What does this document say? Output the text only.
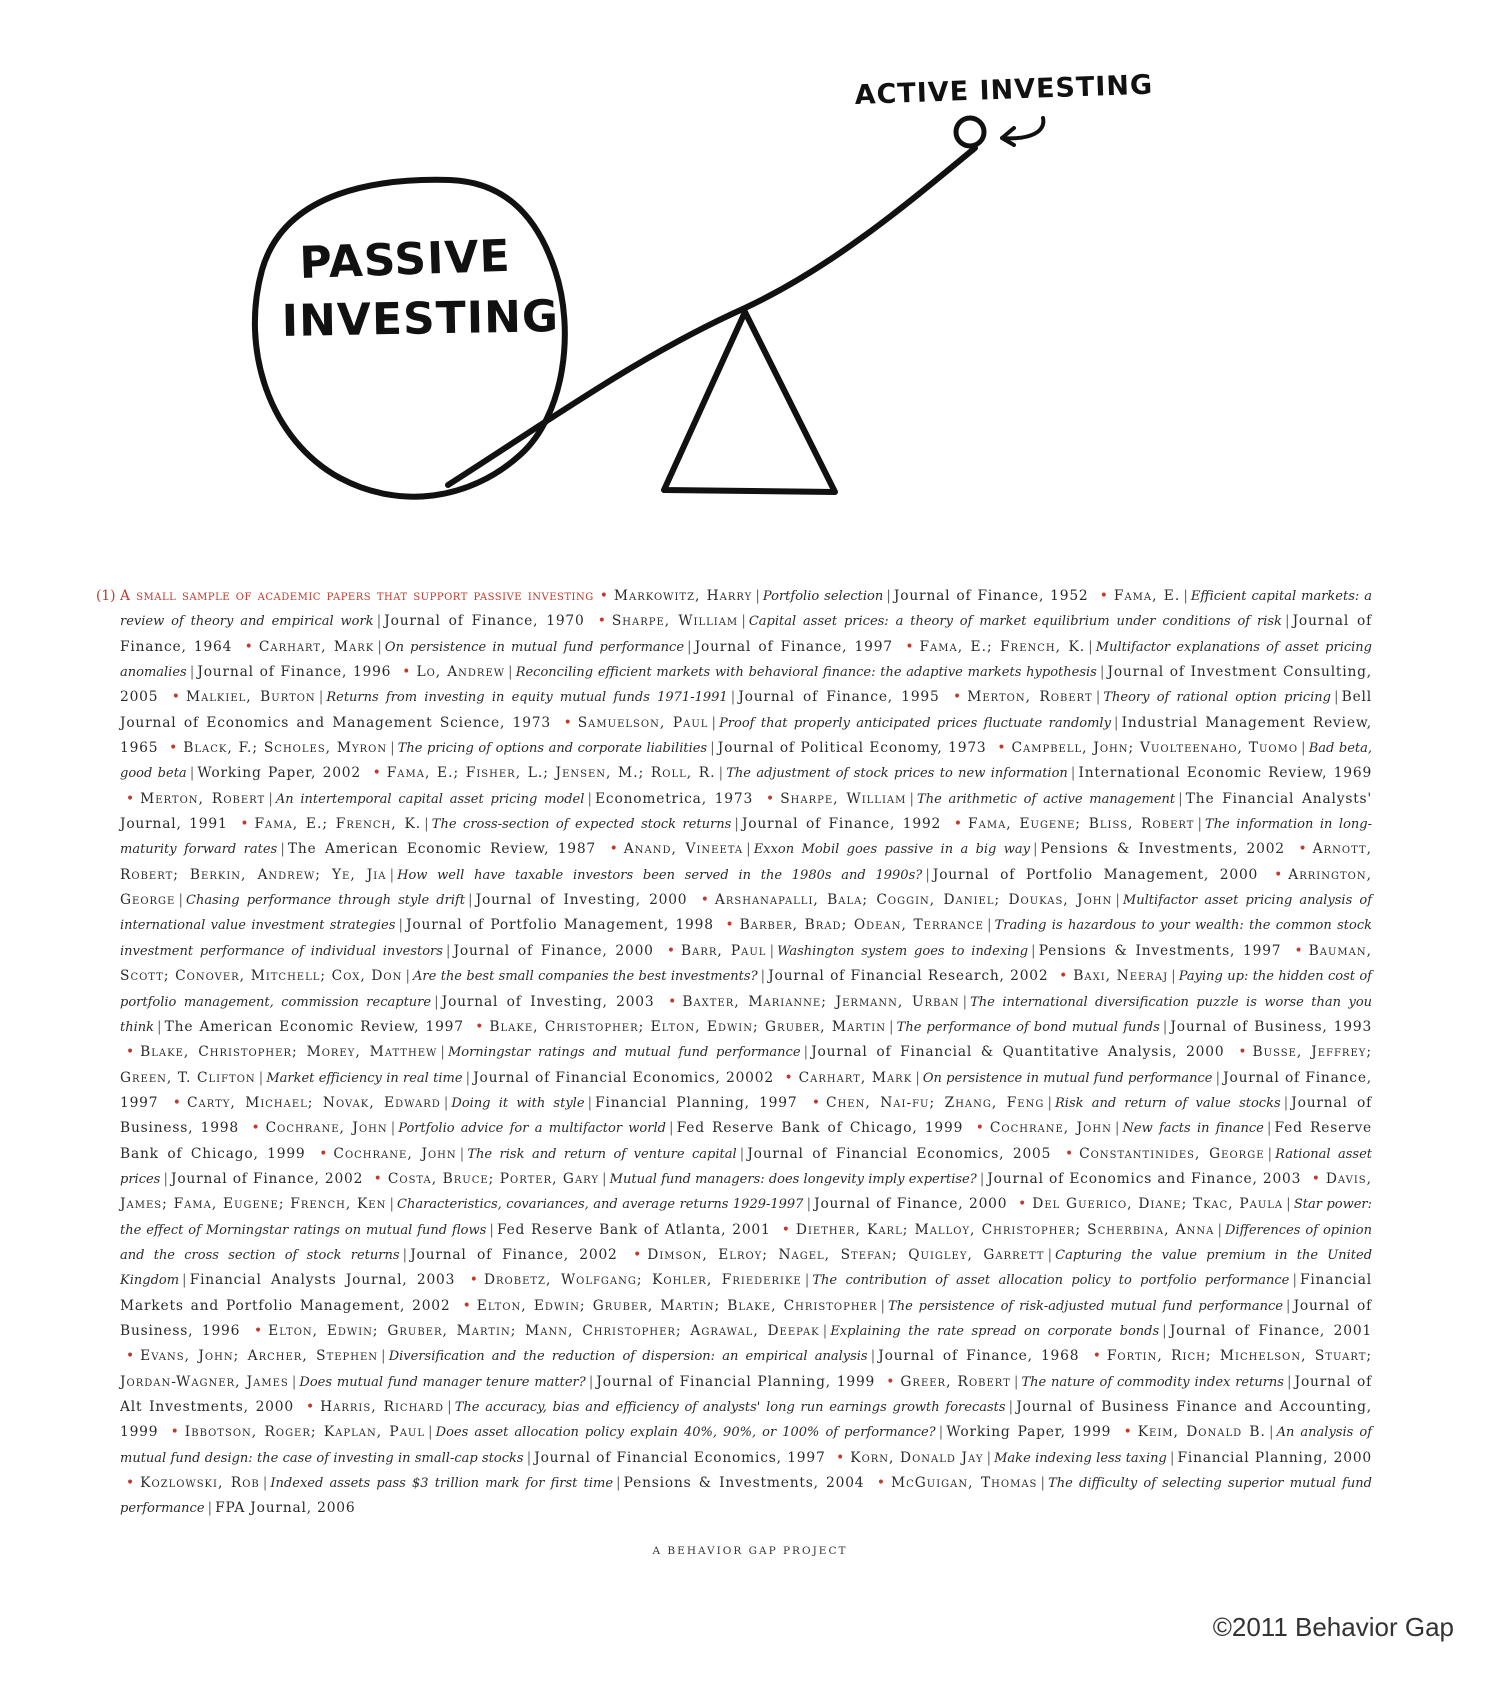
PASSIVE
INVESTING
ACTIVE INVESTING
(1) A small sample of academic papers that support passive investing • Markowitz, Harry | Portfolio selection | Journal of Finance, 1952 • Fama, E. | Efficient capital markets: a review of theory and empirical work | Journal of Finance, 1970 • Sharpe, William | Capital asset prices: a theory of market equilibrium under conditions of risk | Journal of Finance, 1964 • Carhart, Mark | On persistence in mutual fund performance | Journal of Finance, 1997 • Fama, E.; French, K. | Multifactor explanations of asset pricing anomalies | Journal of Finance, 1996 • Lo, Andrew | Reconciling efficient markets with behavioral finance: the adaptive markets hypothesis | Journal of Investment Consulting, 2005 • Malkiel, Burton | Returns from investing in equity mutual funds 1971-1991 | Journal of Finance, 1995 • Merton, Robert | Theory of rational option pricing | Bell Journal of Economics and Management Science, 1973 • Samuelson, Paul | Proof that properly anticipated prices fluctuate randomly | Industrial Management Review, 1965 • Black, F.; Scholes, Myron | The pricing of options and corporate liabilities | Journal of Political Economy, 1973 • Campbell, John; Vuolteenaho, Tuomo | Bad beta, good beta | Working Paper, 2002 • Fama, E.; Fisher, L.; Jensen, M.; Roll, R. | The adjustment of stock prices to new information | International Economic Review, 1969 • Merton, Robert | An intertemporal capital asset pricing model | Econometrica, 1973 • Sharpe, William | The arithmetic of active management | The Financial Analysts' Journal, 1991 • Fama, E.; French, K. | The cross-section of expected stock returns | Journal of Finance, 1992 • Fama, Eugene; Bliss, Robert | The information in long-maturity forward rates | The American Economic Review, 1987 • Anand, Vineeta | Exxon Mobil goes passive in a big way | Pensions & Investments, 2002 • Arnott, Robert; Berkin, Andrew; Ye, Jia | How well have taxable investors been served in the 1980s and 1990s? | Journal of Portfolio Management, 2000 • Arrington, George | Chasing performance through style drift | Journal of Investing, 2000 • Arshanapalli, Bala; Coggin, Daniel; Doukas, John | Multifactor asset pricing analysis of international value investment strategies | Journal of Portfolio Management, 1998 • Barber, Brad; Odean, Terrance | Trading is hazardous to your wealth: the common stock investment performance of individual investors | Journal of Finance, 2000 • Barr, Paul | Washington system goes to indexing | Pensions & Investments, 1997 • Bauman, Scott; Conover, Mitchell; Cox, Don | Are the best small companies the best investments? | Journal of Financial Research, 2002 • Baxi, Neeraj | Paying up: the hidden cost of portfolio management, commission recapture | Journal of Investing, 2003 • Baxter, Marianne; Jermann, Urban | The international diversification puzzle is worse than you think | The American Economic Review, 1997 • Blake, Christopher; Elton, Edwin; Gruber, Martin | The performance of bond mutual funds | Journal of Business, 1993 • Blake, Christopher; Morey, Matthew | Morningstar ratings and mutual fund performance | Journal of Financial & Quantitative Analysis, 2000 • Busse, Jeffrey; Green, T. Clifton | Market efficiency in real time | Journal of Financial Economics, 20002 • Carhart, Mark | On persistence in mutual fund performance | Journal of Finance, 1997 • Carty, Michael; Novak, Edward | Doing it with style | Financial Planning, 1997 • Chen, Nai-fu; Zhang, Feng | Risk and return of value stocks | Journal of Business, 1998 • Cochrane, John | Portfolio advice for a multifactor world | Fed Reserve Bank of Chicago, 1999 • Cochrane, John | New facts in finance | Fed Reserve Bank of Chicago, 1999 • Cochrane, John | The risk and return of venture capital | Journal of Financial Economics, 2005 • Constantinides, George | Rational asset prices | Journal of Finance, 2002 • Costa, Bruce; Porter, Gary | Mutual fund managers: does longevity imply expertise? | Journal of Economics and Finance, 2003 • Davis, James; Fama, Eugene; French, Ken | Characteristics, covariances, and average returns 1929-1997 | Journal of Finance, 2000 • Del Guerico, Diane; Tkac, Paula | Star power: the effect of Morningstar ratings on mutual fund flows | Fed Reserve Bank of Atlanta, 2001 • Diether, Karl; Malloy, Christopher; Scherbina, Anna | Differences of opinion and the cross section of stock returns | Journal of Finance, 2002 • Dimson, Elroy; Nagel, Stefan; Quigley, Garrett | Capturing the value premium in the United Kingdom | Financial Analysts Journal, 2003 • Drobetz, Wolfgang; Kohler, Friederike | The contribution of asset allocation policy to portfolio performance | Financial Markets and Portfolio Management, 2002 • Elton, Edwin; Gruber, Martin; Blake, Christopher | The persistence of risk-adjusted mutual fund performance | Journal of Business, 1996 • Elton, Edwin; Gruber, Martin; Mann, Christopher; Agrawal, Deepak | Explaining the rate spread on corporate bonds | Journal of Finance, 2001 • Evans, John; Archer, Stephen | Diversification and the reduction of dispersion: an empirical analysis | Journal of Finance, 1968 • Fortin, Rich; Michelson, Stuart; Jordan-Wagner, James | Does mutual fund manager tenure matter? | Journal of Financial Planning, 1999 • Greer, Robert | The nature of commodity index returns | Journal of Alt Investments, 2000 • Harris, Richard | The accuracy, bias and efficiency of analysts' long run earnings growth forecasts | Journal of Business Finance and Accounting, 1999 • Ibbotson, Roger; Kaplan, Paul | Does asset allocation policy explain 40%, 90%, or 100% of performance? | Working Paper, 1999 • Keim, Donald B. | An analysis of mutual fund design: the case of investing in small-cap stocks | Journal of Financial Economics, 1997 • Korn, Donald Jay | Make indexing less taxing | Financial Planning, 2000 • Kozlowski, Rob | Indexed assets pass $3 trillion mark for first time | Pensions & Investments, 2004 • McGuigan, Thomas | The difficulty of selecting superior mutual fund performance | FPA Journal, 2006
A BEHAVIOR GAP PROJECT
©2011 Behavior Gap
